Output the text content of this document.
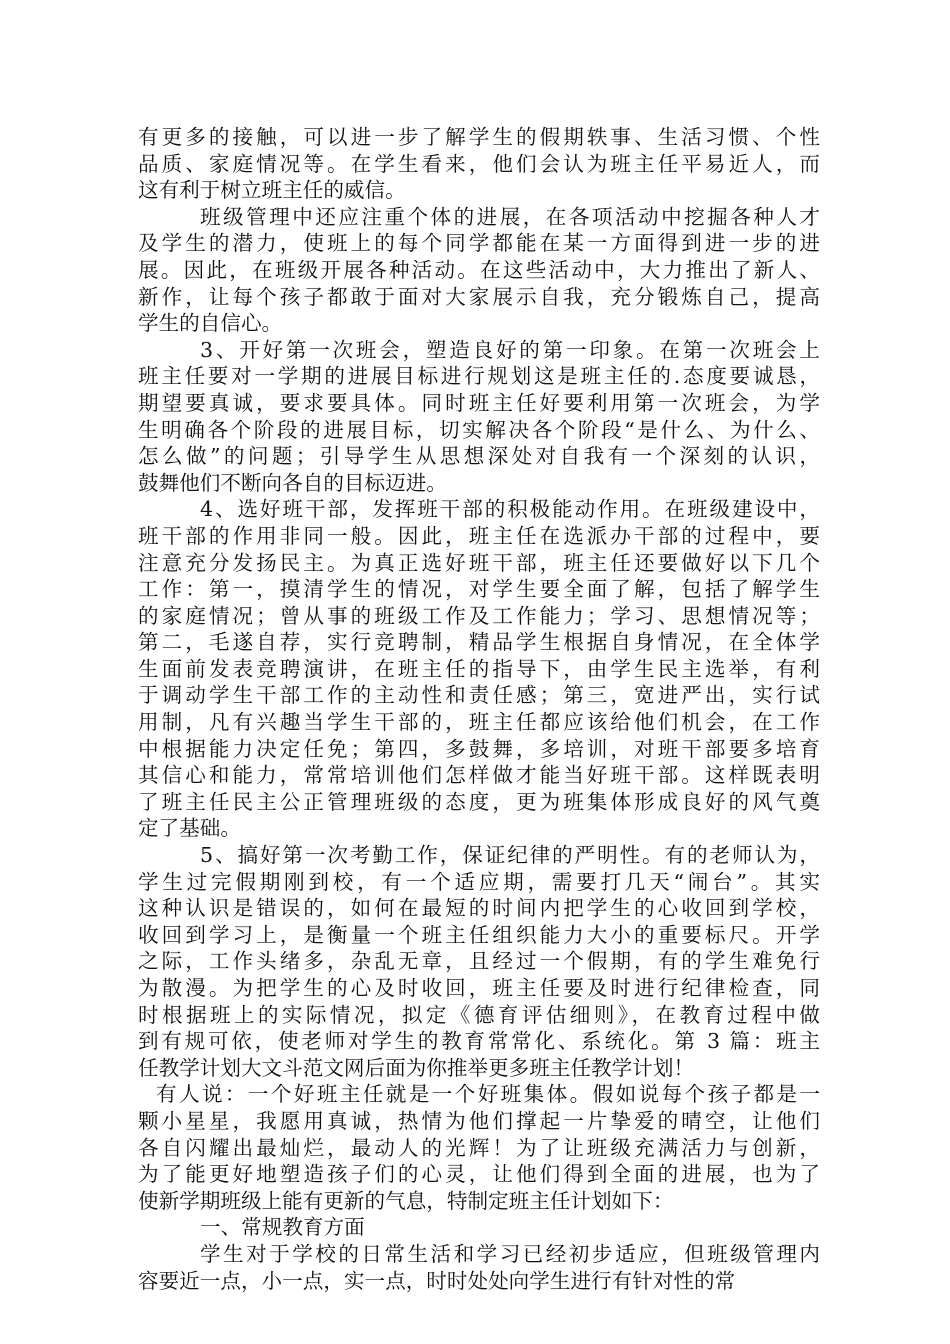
有更多的接触，可以进一步了解学生的假期轶事、生活习惯、个性
品质、家庭情况等。在学生看来，他们会认为班主任平易近人，而
这有利于树立班主任的威信。
班级管理中还应注重个体的进展，在各项活动中挖掘各种人才
及学生的潜力，使班上的每个同学都能在某一方面得到进一步的进
展。因此，在班级开展各种活动。在这些活动中，大力推出了新人、
新作，让每个孩子都敢于面对大家展示自我，充分锻炼自己，提高
学生的自信心。
3、开好第一次班会，塑造良好的第一印象。在第一次班会上
班主任要对一学期的进展目标进行规划这是班主任的.态度要诚恳，
期望要真诚，要求要具体。同时班主任好要利用第一次班会，为学
生明确各个阶段的进展目标，切实解决各个阶段“是什么、为什么、
怎么做”的问题；引导学生从思想深处对自我有一个深刻的认识，
鼓舞他们不断向各自的目标迈进。
4、选好班干部，发挥班干部的积极能动作用。在班级建设中，
班干部的作用非同一般。因此，班主任在选派办干部的过程中，要
注意充分发扬民主。为真正选好班干部，班主任还要做好以下几个
工作：第一，摸清学生的情况，对学生要全面了解，包括了解学生
的家庭情况；曾从事的班级工作及工作能力；学习、思想情况等；
第二，毛遂自荐，实行竞聘制，精品学生根据自身情况，在全体学
生面前发表竞聘演讲，在班主任的指导下，由学生民主选举，有利
于调动学生干部工作的主动性和责任感；第三，宽进严出，实行试
用制，凡有兴趣当学生干部的，班主任都应该给他们机会，在工作
中根据能力决定任免；第四，多鼓舞，多培训，对班干部要多培育
其信心和能力，常常培训他们怎样做才能当好班干部。这样既表明
了班主任民主公正管理班级的态度，更为班集体形成良好的风气奠
定了基础。
5、搞好第一次考勤工作，保证纪律的严明性。有的老师认为，
学生过完假期刚到校，有一个适应期，需要打几天“闹台”。其实
这种认识是错误的，如何在最短的时间内把学生的心收回到学校，
收回到学习上，是衡量一个班主任组织能力大小的重要标尺。开学
之际，工作头绪多，杂乱无章，且经过一个假期，有的学生难免行
为散漫。为把学生的心及时收回，班主任要及时进行纪律检查，同
时根据班上的实际情况，拟定《德育评估细则》，在教育过程中做
到有规可依，使老师对学生的教育常常化、系统化。第 3 篇：班主
任教学计划大文斗范文网后面为你推举更多班主任教学计划！
有人说：一个好班主任就是一个好班集体。假如说每个孩子都是一
颗小星星，我愿用真诚，热情为他们撑起一片挚爱的晴空，让他们
各自闪耀出最灿烂，最动人的光辉！为了让班级充满活力与创新，
为了能更好地塑造孩子们的心灵，让他们得到全面的进展，也为了
使新学期班级上能有更新的气息，特制定班主任计划如下：
一、常规教育方面
学生对于学校的日常生活和学习已经初步适应，但班级管理内
容要近一点，小一点，实一点，时时处处向学生进行有针对性的常
